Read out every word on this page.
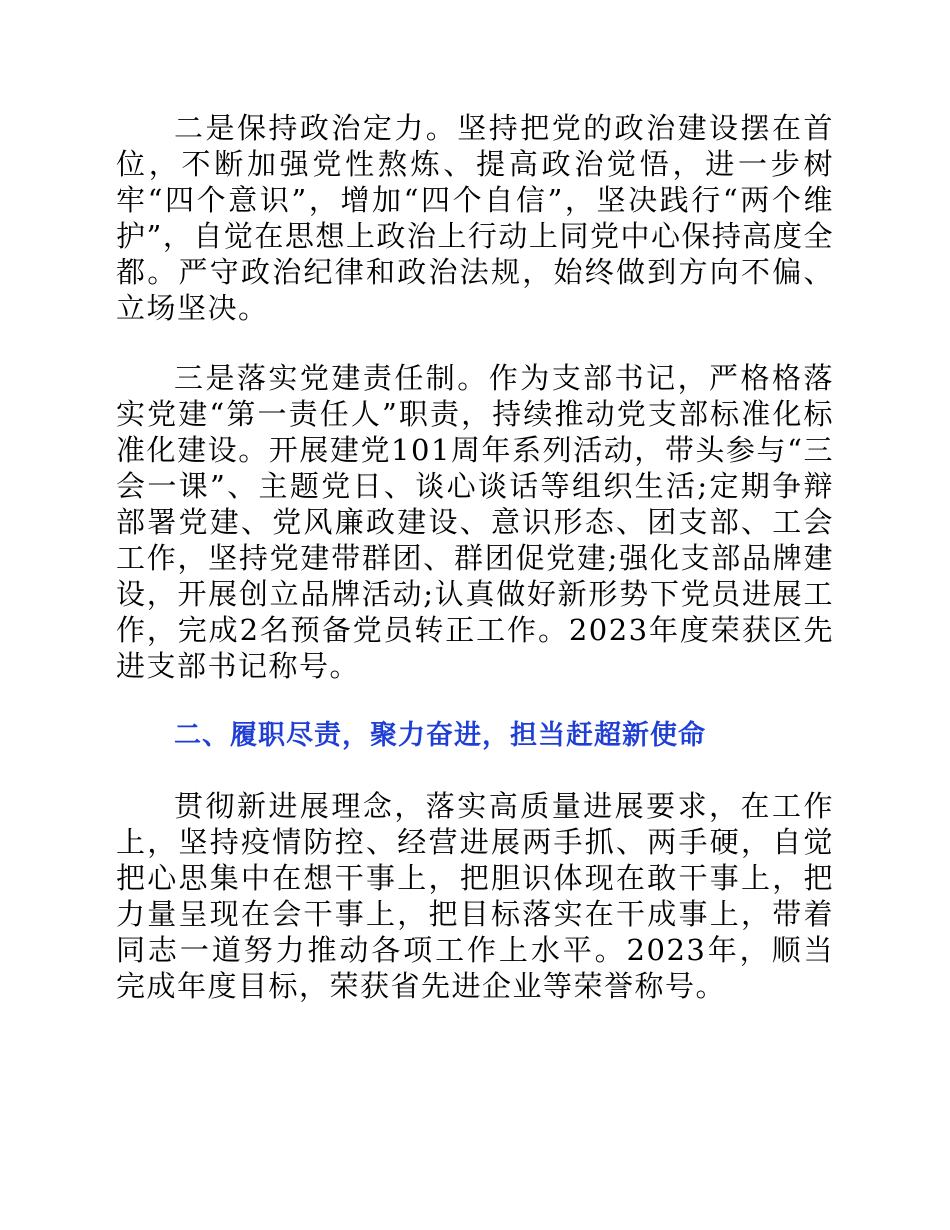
二是保持政治定力。坚持把党的政治建设摆在首位，不断加强党性熬炼、提高政治觉悟，进一步树牢“四个意识”，增加“四个自信”，坚决践行“两个维护”，自觉在思想上政治上行动上同党中心保持高度全都。严守政治纪律和政治法规，始终做到方向不偏、立场坚决。

三是落实党建责任制。作为支部书记，严格格落实党建“第一责任人”职责，持续推动党支部标准化标准化建设。开展建党101周年系列活动，带头参与“三会一课”、主题党日、谈心谈话等组织生活;定期争辩部署党建、党风廉政建设、意识形态、团支部、工会工作，坚持党建带群团、群团促党建;强化支部品牌建设，开展创立品牌活动;认真做好新形势下党员进展工作，完成2名预备党员转正工作。2023年度荣获区先进支部书记称号。

二、履职尽责，聚力奋进，担当赶超新使命

贯彻新进展理念，落实高质量进展要求，在工作上，坚持疫情防控、经营进展两手抓、两手硬，自觉把心思集中在想干事上，把胆识体现在敢干事上，把力量呈现在会干事上，把目标落实在干成事上，带着同志一道努力推动各项工作上水平。2023年，顺当完成年度目标，荣获省先进企业等荣誉称号。
